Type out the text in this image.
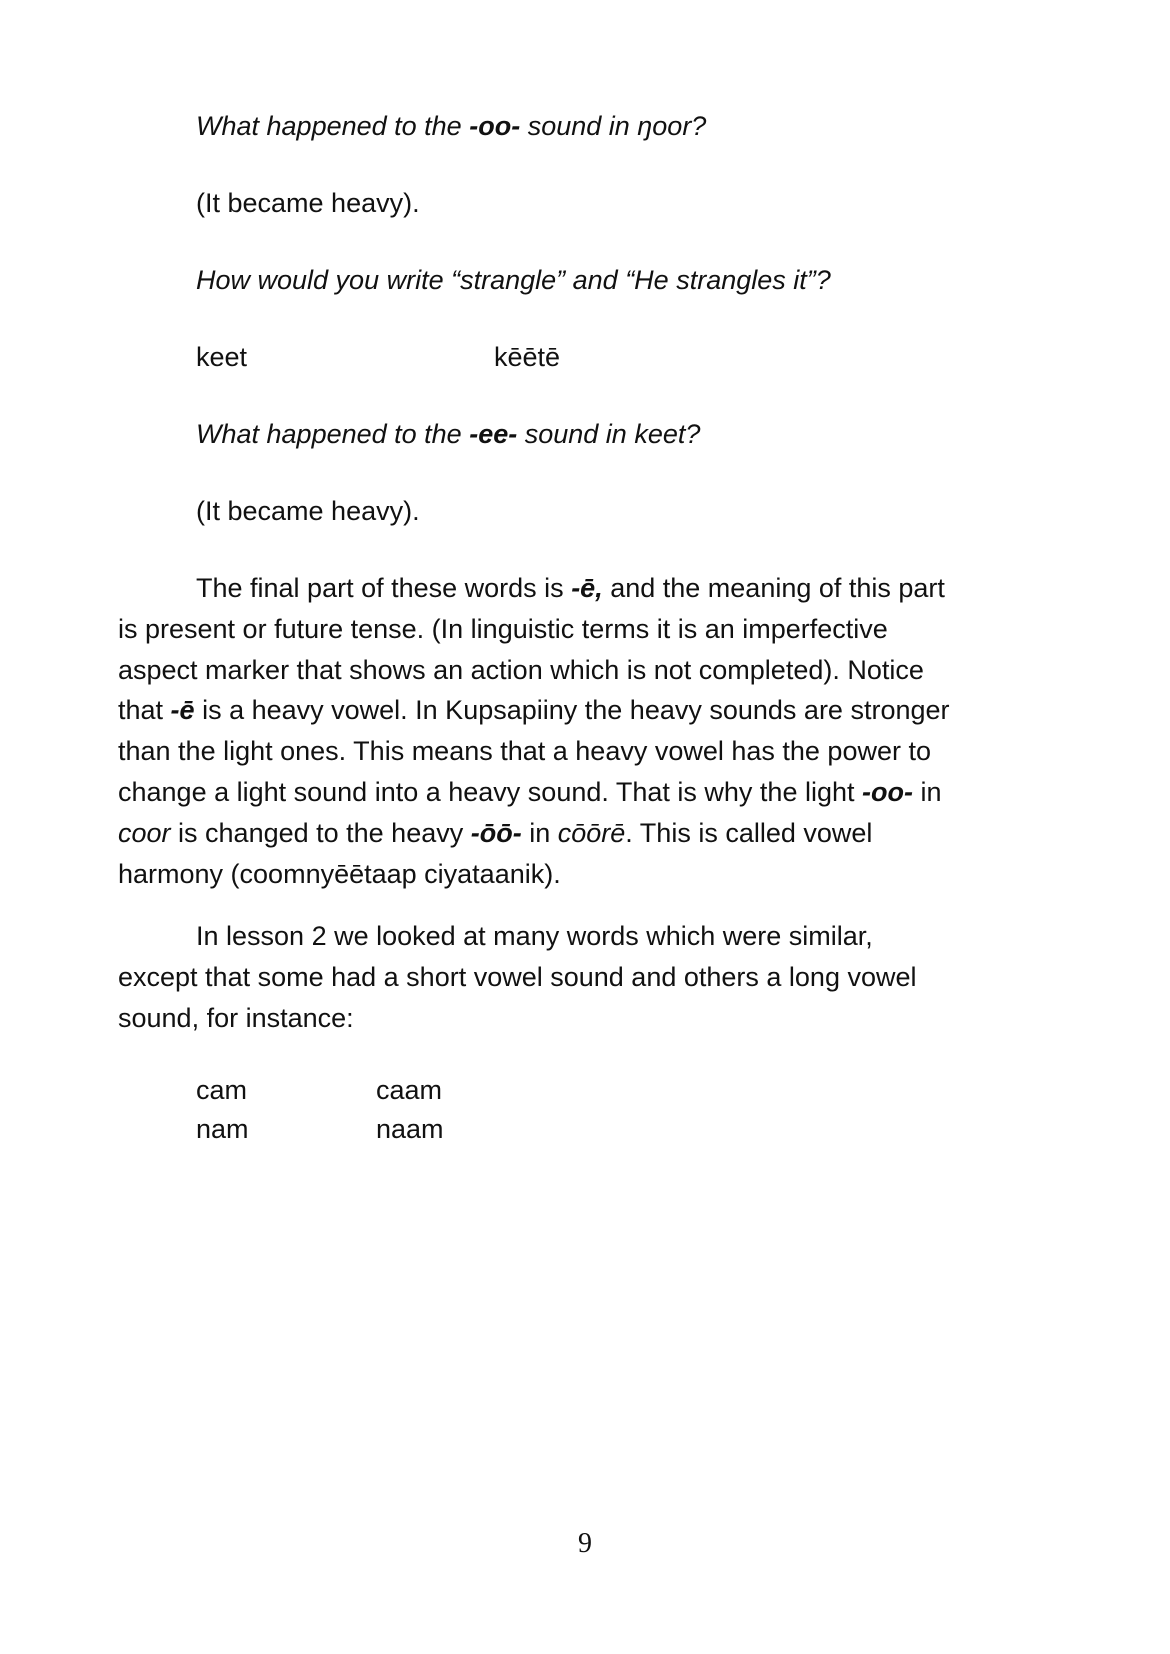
What happened to the -oo- sound in ŋoor?

(It became heavy).

How would you write “strangle” and “He strangles it”?

keet	kēētē

What happened to the -ee- sound in keet?

(It became heavy).

The final part of these words is -ē, and the meaning of this part
is present or future tense. (In linguistic terms it is an imperfective
aspect marker that shows an action which is not completed). Notice
that -ē is a heavy vowel. In Kupsapiiny the heavy sounds are stronger
than the light ones. This means that a heavy vowel has the power to
change a light sound into a heavy sound. That is why the light -oo- in
coor is changed to the heavy -ōō- in cōōrē. This is called vowel
harmony (coomnyēētaap ciyataanik).
In lesson 2 we looked at many words which were similar,
except that some had a short vowel sound and others a long vowel
sound, for instance:

cam	caam

nam	naam

9
